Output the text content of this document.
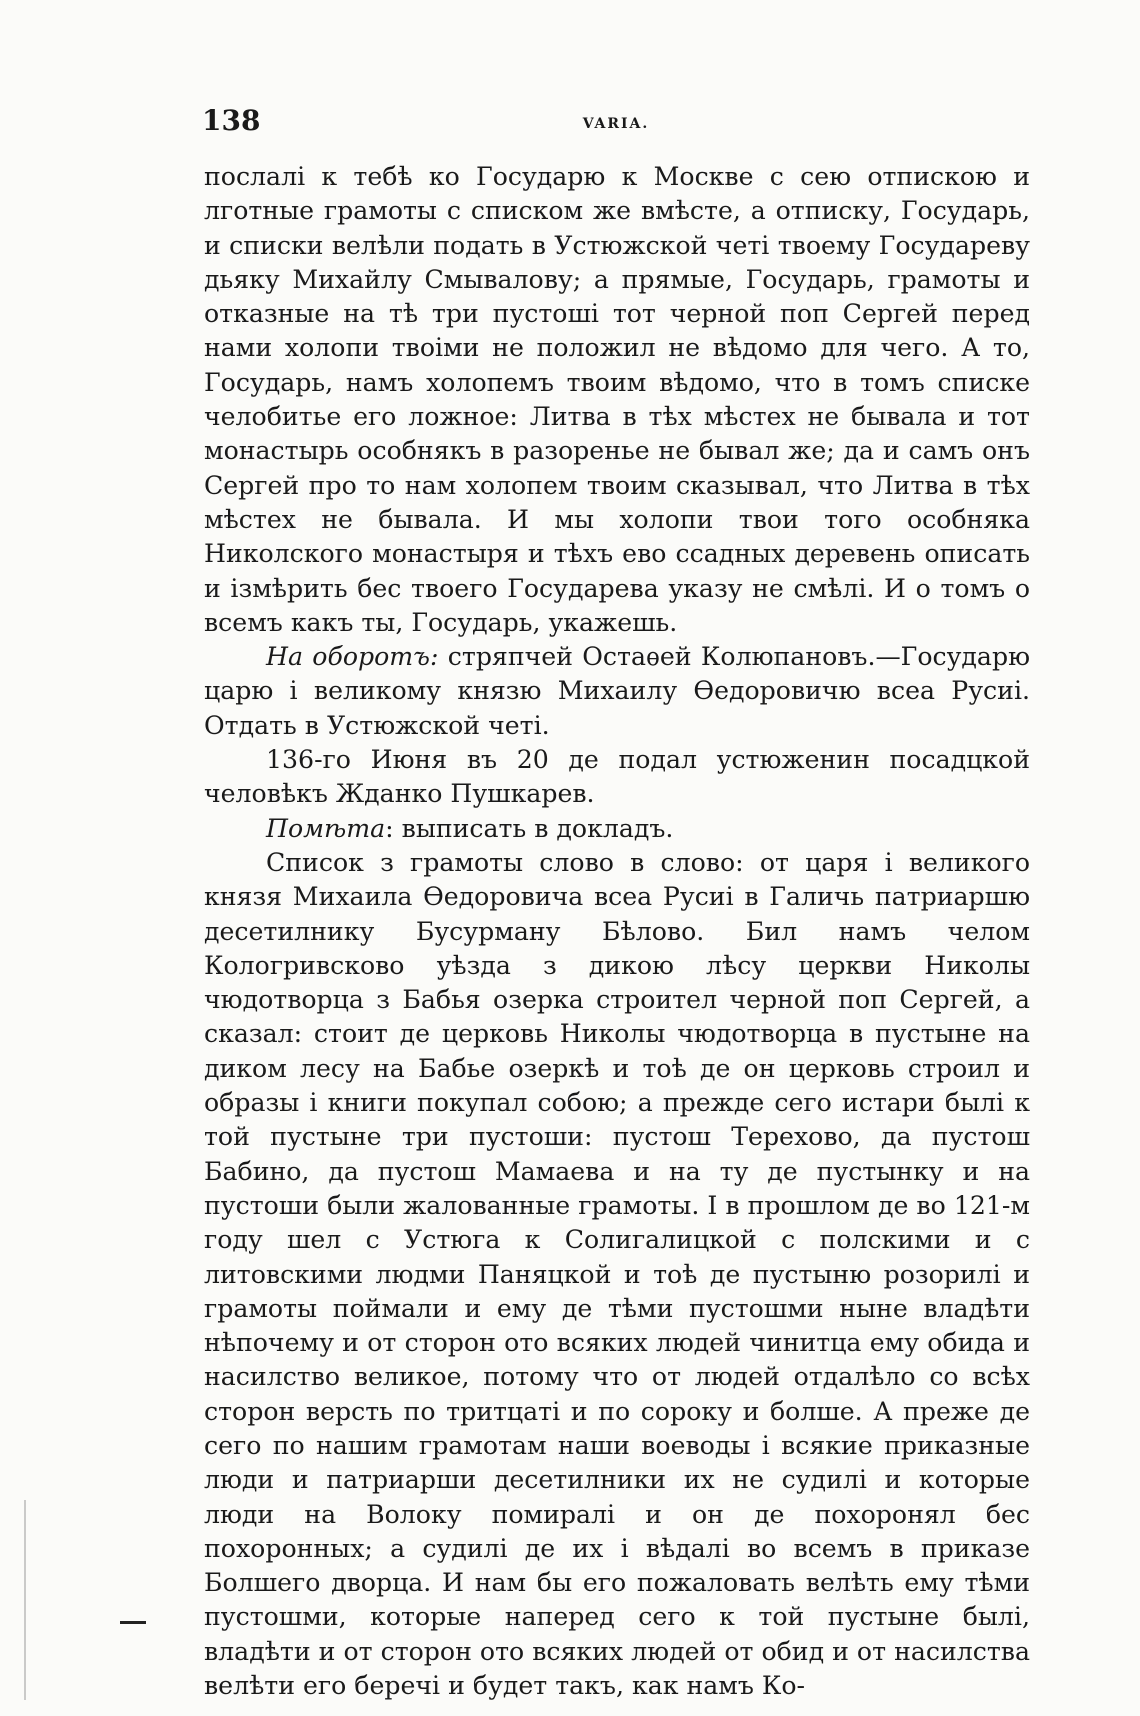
138	VARIA.

послалі к тебѣ ко Государю к Москве с сею отпискою и лготные грамоты с списком же вмѣсте, а отписку, Государь, и списки велѣли подать в Устюжской четі твоему Государеву дьяку Михайлу Смывалову; а прямые, Государь, грамоты и отказные на тѣ три пустошi тот черной поп Сергей перед нами холопи твоіми не положил не вѣдомо для чего. А то, Государь, намъ холопемъ твоим вѣдомо, что в томъ списке челобитье его ложное: Литва в тѣх мѣстех не бывала и тот монастырь особнякъ в разоренье не бывал же; да и самъ онъ Сергей про то нам холопем твоим сказывал, что Литва в тѣх мѣстех не бывала. И мы холопи твои того особняка Николского монастыря и тѣхъ ево ссадных деревень описать и iзмѣрить бес твоего Государева указу не смѣлi. И о томъ о всемъ какъ ты, Государь, укажешь.

На оборотъ: стряпчей Остаѳей Колюпановъ.—Государю царю і великому князю Михаилу Ѳедоровичю всеа Русиі. Отдать в Устюжской четі.

136-го Июня въ 20 де подал устюженин посадцкой человѣкъ Жданко Пушкарев.

Помѣта: выписать в докладъ.

Список з грамоты слово в слово: от царя і великого князя Михаила Ѳедоровича всеа Русиі в Галичь патриаршю десетилнику Бусурману Бѣлово. Бил намъ челом Кологривсково уѣзда з дикою лѣсу церкви Николы чюдотворца з Бабья озерка строител черной поп Сергей, а сказал: стоит де церковь Николы чюдотворца в пустыне на диком лесу на Бабье озеркѣ и тоѣ де он церковь строил и образы і книги покупал собою; а прежде сего истари былі к той пустыне три пустоши: пустош Терехово, да пустош Бабино, да пустош Мамаева и на ту де пустынку и на пустоши были жалованные грамоты. І в прошлом де во 121-м году шел с Устюга к Солигалицкой с полскими и с литовскими людми Паняцкой и тоѣ де пустыню розорилі и грамоты поймали и ему де тѣми пустошми ныне владѣти нѣпочему и от сторон ото всяких людей чинитца ему обида и насилство великое, потому что от людей отдалѣло со всѣх сторон версть по тритцаті и по сороку и болше. А преже де сего по нашим грамотам наши воеводы і всякие приказные люди и патриарши десетилники их не судилі и которые люди на Волоку помиралі и он де похоронял бес похоронных; а судилі де их і вѣдалі во всемъ в приказе Болшего дворца. И нам бы его пожаловать велѣть ему тѣми пустошми, которые наперед сего к той пустыне былі, владѣти и от сторон ото всяких людей от обид и от насилства велѣти его беречі и будет такъ, как намъ Ко-
